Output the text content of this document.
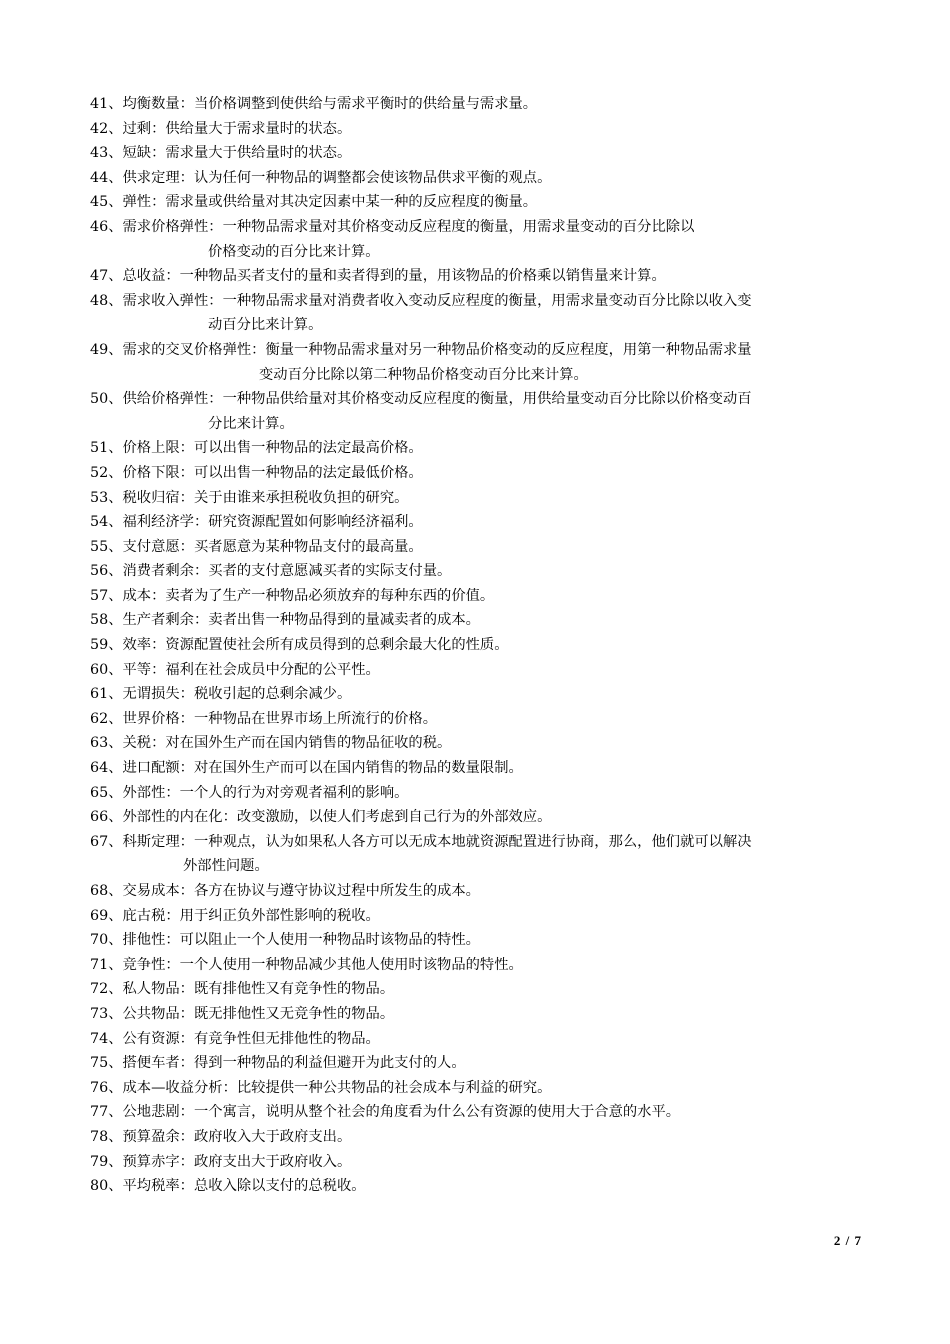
41、均衡数量：当价格调整到使供给与需求平衡时的供给量与需求量。
42、过剩：供给量大于需求量时的状态。
43、短缺：需求量大于供给量时的状态。
44、供求定理：认为任何一种物品的调整都会使该物品供求平衡的观点。
45、弹性：需求量或供给量对其决定因素中某一种的反应程度的衡量。
46、需求价格弹性：一种物品需求量对其价格变动反应程度的衡量，用需求量变动的百分比除以
价格变动的百分比来计算。
47、总收益：一种物品买者支付的量和卖者得到的量，用该物品的价格乘以销售量来计算。
48、需求收入弹性：一种物品需求量对消费者收入变动反应程度的衡量，用需求量变动百分比除以收入变
动百分比来计算。
49、需求的交叉价格弹性：衡量一种物品需求量对另一种物品价格变动的反应程度，用第一种物品需求量
变动百分比除以第二种物品价格变动百分比来计算。
50、供给价格弹性：一种物品供给量对其价格变动反应程度的衡量，用供给量变动百分比除以价格变动百
分比来计算。
51、价格上限：可以出售一种物品的法定最高价格。
52、价格下限：可以出售一种物品的法定最低价格。
53、税收归宿：关于由谁来承担税收负担的研究。
54、福利经济学：研究资源配置如何影响经济福利。
55、支付意愿：买者愿意为某种物品支付的最高量。
56、消费者剩余：买者的支付意愿减买者的实际支付量。
57、成本：卖者为了生产一种物品必须放弃的每种东西的价值。
58、生产者剩余：卖者出售一种物品得到的量减卖者的成本。
59、效率：资源配置使社会所有成员得到的总剩余最大化的性质。
60、平等：福利在社会成员中分配的公平性。
61、无谓损失：税收引起的总剩余减少。
62、世界价格：一种物品在世界市场上所流行的价格。
63、关税：对在国外生产而在国内销售的物品征收的税。
64、进口配额：对在国外生产而可以在国内销售的物品的数量限制。
65、外部性：一个人的行为对旁观者福利的影响。
66、外部性的内在化：改变激励，以使人们考虑到自己行为的外部效应。
67、科斯定理：一种观点，认为如果私人各方可以无成本地就资源配置进行协商，那么，他们就可以解决
外部性问题。
68、交易成本：各方在协议与遵守协议过程中所发生的成本。
69、庇古税：用于纠正负外部性影响的税收。
70、排他性：可以阻止一个人使用一种物品时该物品的特性。
71、竞争性：一个人使用一种物品减少其他人使用时该物品的特性。
72、私人物品：既有排他性又有竞争性的物品。
73、公共物品：既无排他性又无竞争性的物品。
74、公有资源：有竞争性但无排他性的物品。
75、搭便车者：得到一种物品的利益但避开为此支付的人。
76、成本—收益分析：比较提供一种公共物品的社会成本与利益的研究。
77、公地悲剧：一个寓言，说明从整个社会的角度看为什么公有资源的使用大于合意的水平。
78、预算盈余：政府收入大于政府支出。
79、预算赤字：政府支出大于政府收入。
80、平均税率：总收入除以支付的总税收。
2 / 7
